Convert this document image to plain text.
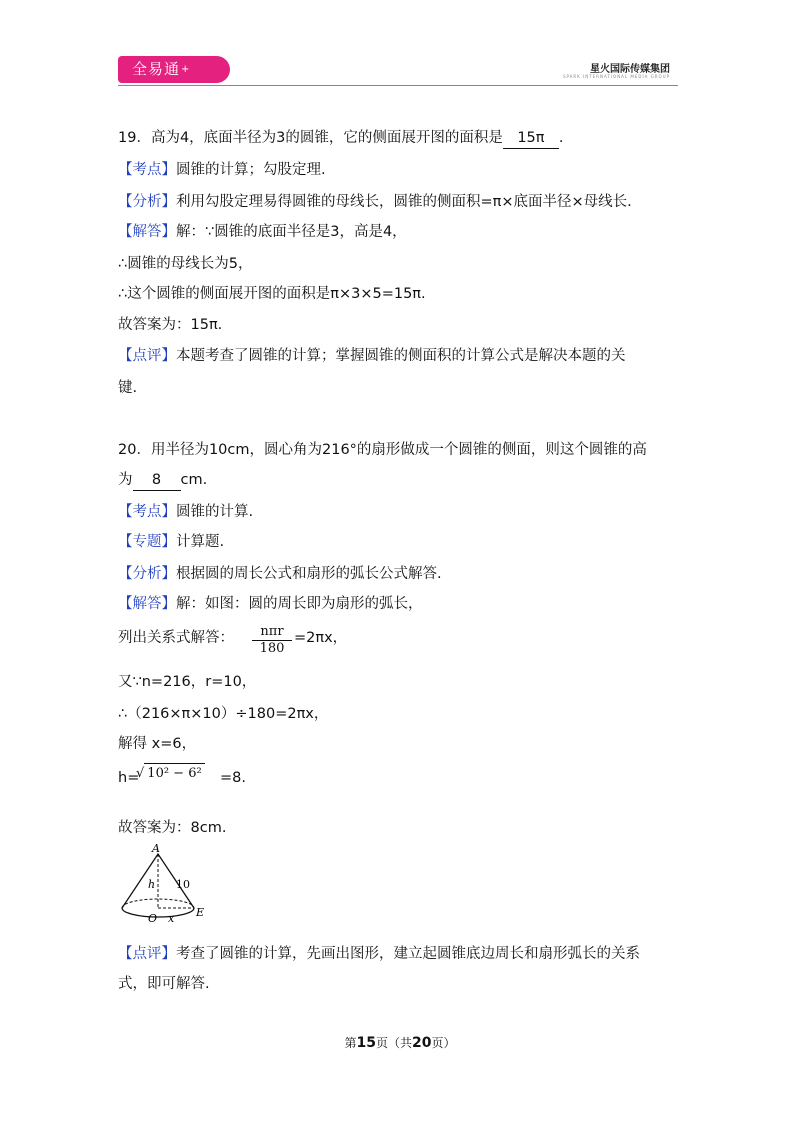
全易通+	星火国际传媒集团
SPARK INTERNATIONAL MEDIA GROUP
19．高为4，底面半径为3的圆锥，它的侧面展开图的面积是 15π .
【考点】圆锥的计算；勾股定理.
【分析】利用勾股定理易得圆锥的母线长，圆锥的侧面积=π×底面半径×母线长.
【解答】解：∵圆锥的底面半径是3，高是4，
∴圆锥的母线长为5，
∴这个圆锥的侧面展开图的面积是π×3×5=15π.
故答案为：15π.
【点评】本题考查了圆锥的计算；掌握圆锥的侧面积的计算公式是解决本题的关
键.
20．用半径为10cm，圆心角为216°的扇形做成一个圆锥的侧面，则这个圆锥的高
为 8 cm.
【考点】圆锥的计算.
【专题】计算题.
【分析】根据圆的周长公式和扇形的弧长公式解答.
【解答】解：如图：圆的周长即为扇形的弧长，
列出关系式解答：	nπr
180
=2πx，
又∵n=216，r=10，
∴（216×π×10）÷180=2πx，
解得 x=6，
h=
√ 10² − 6² =8.
故答案为：8cm.
A
h 10
O x E
【点评】考查了圆锥的计算，先画出图形，建立起圆锥底边周长和扇形弧长的关系
式，即可解答.
第15页（共20页）
